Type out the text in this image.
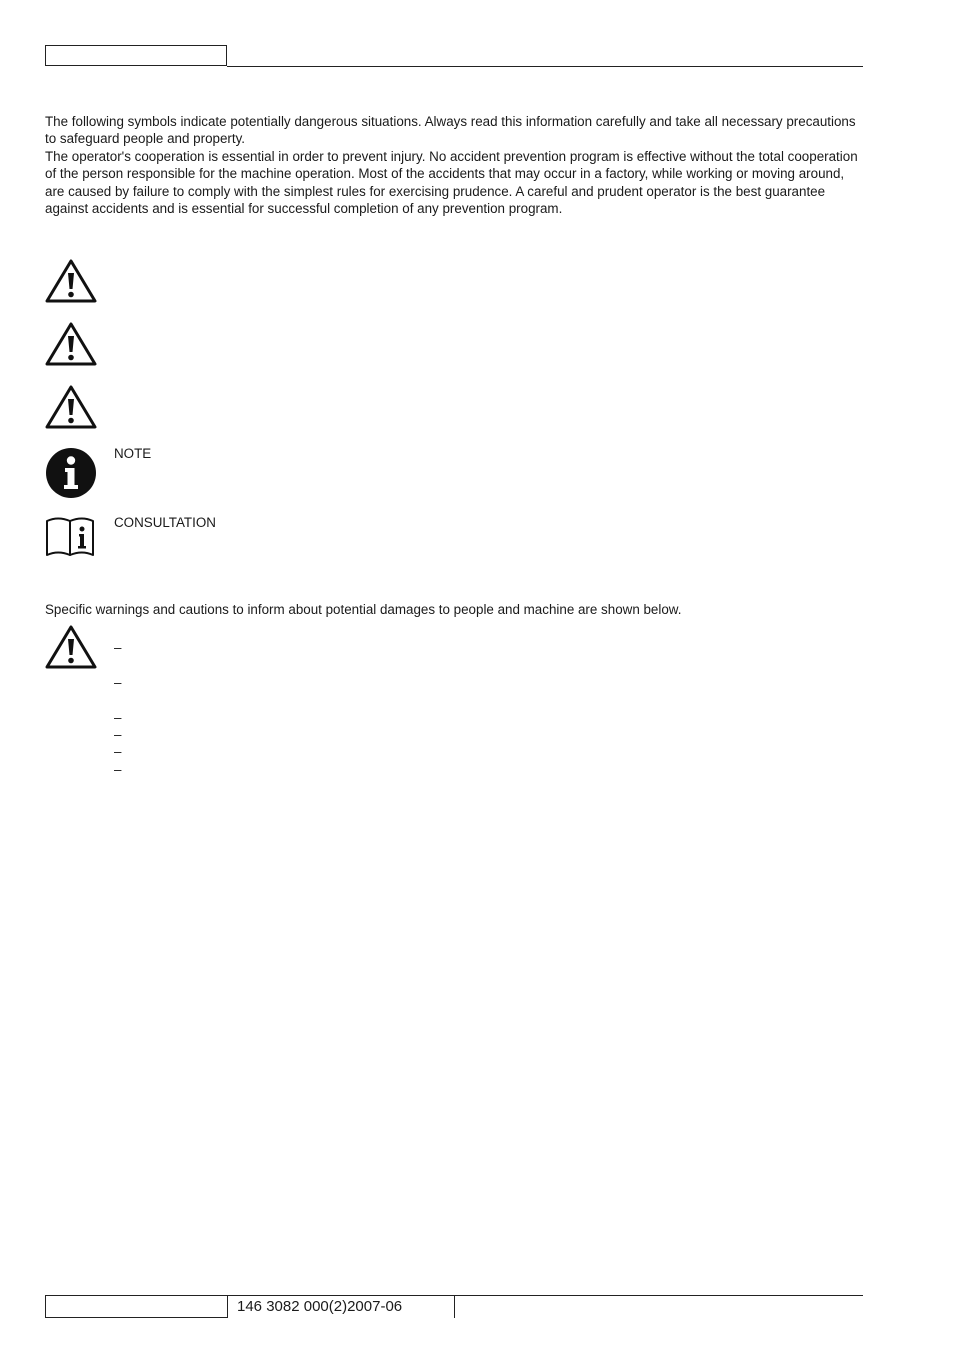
The following symbols indicate potentially dangerous situations. Always read this information carefully and take all necessary precautions to safeguard people and property.

The operator's cooperation is essential in order to prevent injury. No accident prevention program is effective without the total cooperation of the person responsible for the machine operation. Most of the accidents that may occur in a factory, while working or moving around, are caused by failure to comply with the simplest rules for exercising prudence. A careful and prudent operator is the best guarantee against accidents and is essential for successful completion of any prevention program.

NOTE
CONSULTATION
Specific warnings and cautions to inform about potential damages to people and machine are shown below.
–
–
–
–
–
–
146 3082 000(2)2007-06
